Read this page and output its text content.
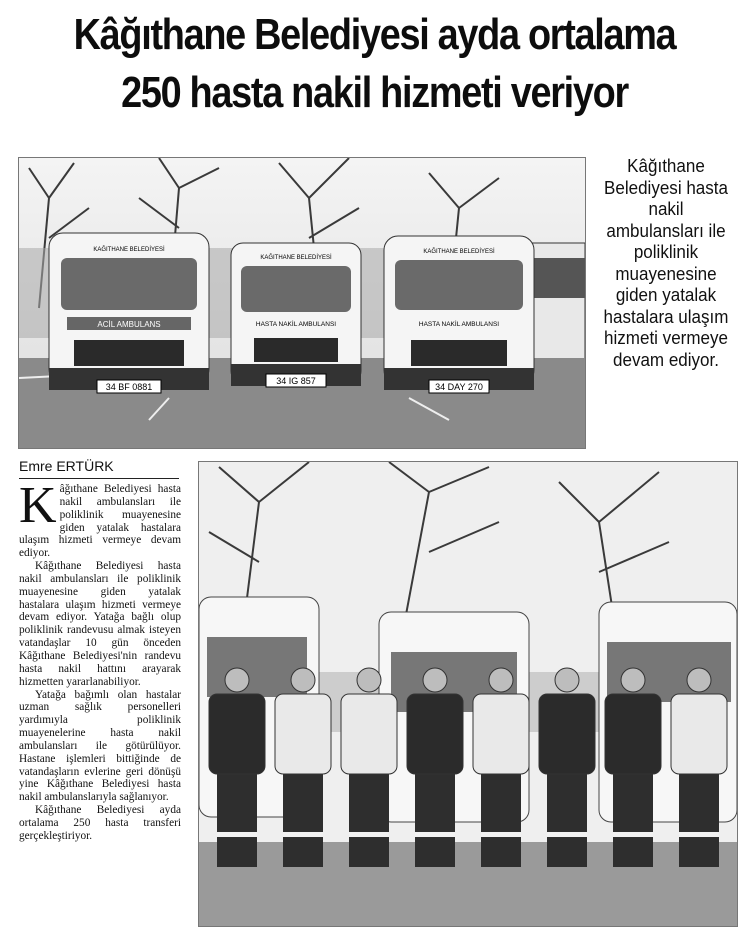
Kâğıthane Belediyesi ayda ortalama
250 hasta nakil hizmeti veriyor
34 BF 0881
ACİL AMBULANS
KAĞITHANE BELEDİYESİ
34 IG 857
HASTA NAKİL AMBULANSI
KAĞITHANE BELEDİYESİ
34 DAY 270
HASTA NAKİL AMBULANSI
KAĞITHANE BELEDİYESİ
Kâğıthane Belediyesi hasta nakil ambulansları ile poliklinik muayenesine giden yatalak hastalara ulaşım hizmeti vermeye devam ediyor.
Emre ERTÜRK

Kâğıthane Belediyesi hasta nakil ambulansları ile poliklinik muayenesine giden yatalak hastalara ulaşım hizmeti vermeye devam ediyor.

Kâğıthane Belediyesi hasta nakil ambulansları ile poliklinik muayenesine giden yatalak hastalara ulaşım hizmeti vermeye devam ediyor. Yatağa bağlı olup poliklinik randevusu almak isteyen vatandaşlar 10 gün önceden Kâğıthane Belediyesi'nin randevu hasta nakil hattını arayarak hizmetten yararlanabiliyor.

Yatağa bağımlı olan hastalar uzman sağlık personelleri yardımıyla poliklinik muayenelerine hasta nakil ambulansları ile götürülüyor. Hastane işlemleri bittiğinde de vatandaşların evlerine geri dönüşü yine Kâğıthane Belediyesi hasta nakil ambulanslarıyla sağlanıyor.

Kâğıthane Belediyesi ayda ortalama 250 hasta transferi gerçekleştiriyor.
